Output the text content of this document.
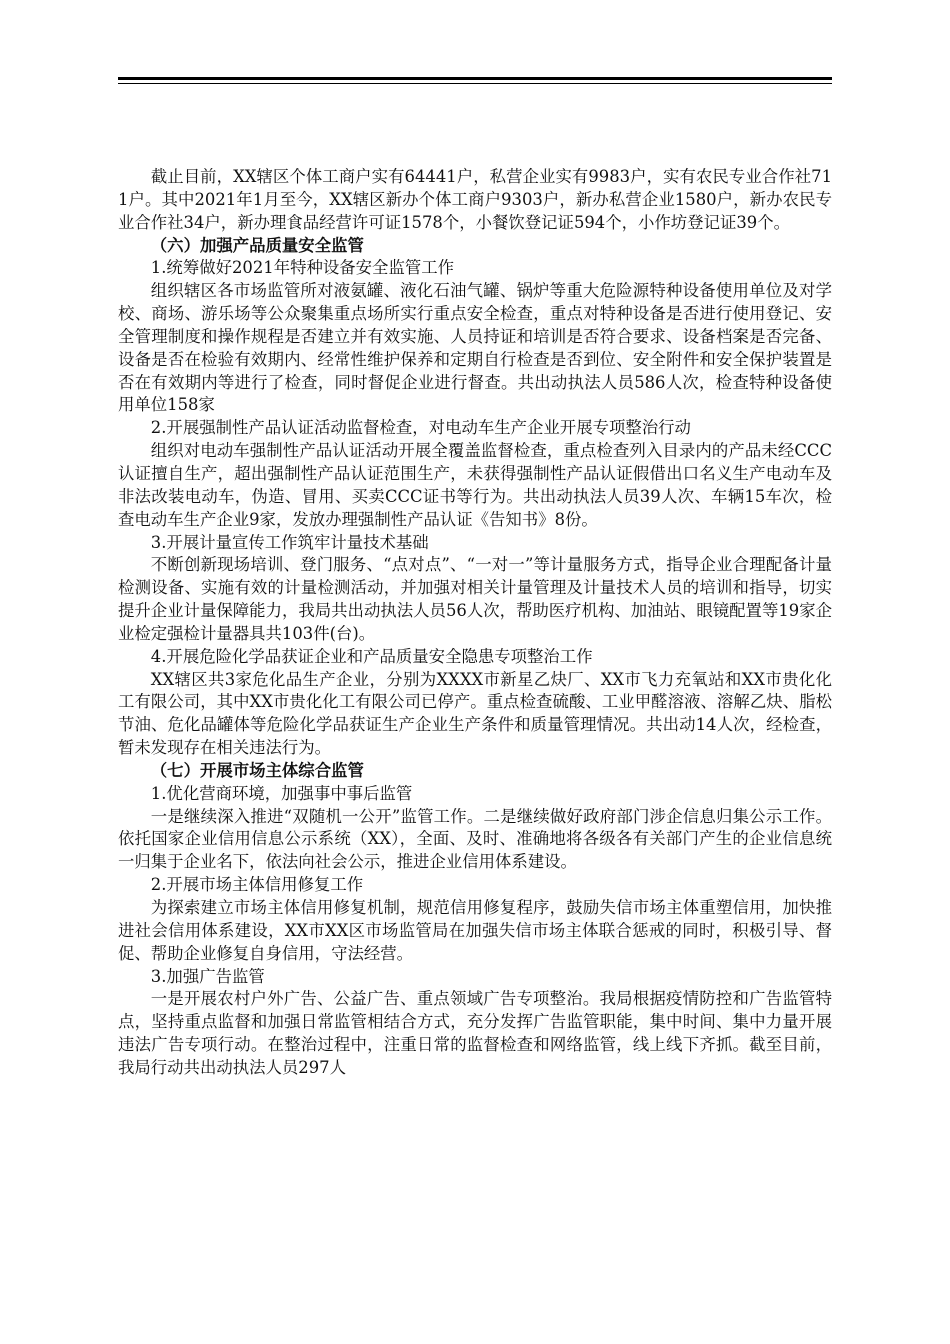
截止目前，XX辖区个体工商户实有64441户，私营企业实有9983户，实有农民专业合作社711户。其中2021年1月至今，XX辖区新办个体工商户9303户，新办私营企业1580户，新办农民专业合作社34户，新办理食品经营许可证1578个，小餐饮登记证594个，小作坊登记证39个。

（六）加强产品质量安全监管

1.统筹做好2021年特种设备安全监管工作

组织辖区各市场监管所对液氨罐、液化石油气罐、锅炉等重大危险源特种设备使用单位及对学校、商场、游乐场等公众聚集重点场所实行重点安全检查，重点对特种设备是否进行使用登记、安全管理制度和操作规程是否建立并有效实施、人员持证和培训是否符合要求、设备档案是否完备、设备是否在检验有效期内、经常性维护保养和定期自行检查是否到位、安全附件和安全保护装置是否在有效期内等进行了检查，同时督促企业进行督查。共出动执法人员586人次，检查特种设备使用单位158家

2.开展强制性产品认证活动监督检查，对电动车生产企业开展专项整治行动

组织对电动车强制性产品认证活动开展全覆盖监督检查，重点检查列入目录内的产品未经CCC认证擅自生产，超出强制性产品认证范围生产，未获得强制性产品认证假借出口名义生产电动车及非法改装电动车，伪造、冒用、买卖CCC证书等行为。共出动执法人员39人次、车辆15车次，检查电动车生产企业9家，发放办理强制性产品认证《告知书》8份。

3.开展计量宣传工作筑牢计量技术基础

不断创新现场培训、登门服务、“点对点”、“一对一”等计量服务方式，指导企业合理配备计量检测设备、实施有效的计量检测活动，并加强对相关计量管理及计量技术人员的培训和指导，切实提升企业计量保障能力，我局共出动执法人员56人次，帮助医疗机构、加油站、眼镜配置等19家企业检定强检计量器具共103件(台)。

4.开展危险化学品获证企业和产品质量安全隐患专项整治工作

XX辖区共3家危化品生产企业，分别为XXXX市新星乙炔厂、XX市飞力充氧站和XX市贵化化工有限公司，其中XX市贵化化工有限公司已停产。重点检查硫酸、工业甲醛溶液、溶解乙炔、脂松节油、危化品罐体等危险化学品获证生产企业生产条件和质量管理情况。共出动14人次，经检查，暂未发现存在相关违法行为。

（七）开展市场主体综合监管

1.优化营商环境，加强事中事后监管

一是继续深入推进“双随机一公开”监管工作。二是继续做好政府部门涉企信息归集公示工作。依托国家企业信用信息公示系统（XX），全面、及时、准确地将各级各有关部门产生的企业信息统一归集于企业名下，依法向社会公示，推进企业信用体系建设。

2.开展市场主体信用修复工作

为探索建立市场主体信用修复机制，规范信用修复程序，鼓励失信市场主体重塑信用，加快推进社会信用体系建设，XX市XX区市场监管局在加强失信市场主体联合惩戒的同时，积极引导、督促、帮助企业修复自身信用，守法经营。

3.加强广告监管

一是开展农村户外广告、公益广告、重点领域广告专项整治。我局根据疫情防控和广告监管特点，坚持重点监督和加强日常监管相结合方式，充分发挥广告监管职能，集中时间、集中力量开展违法广告专项行动。在整治过程中，注重日常的监督检查和网络监管，线上线下齐抓。截至目前，我局行动共出动执法人员297人
